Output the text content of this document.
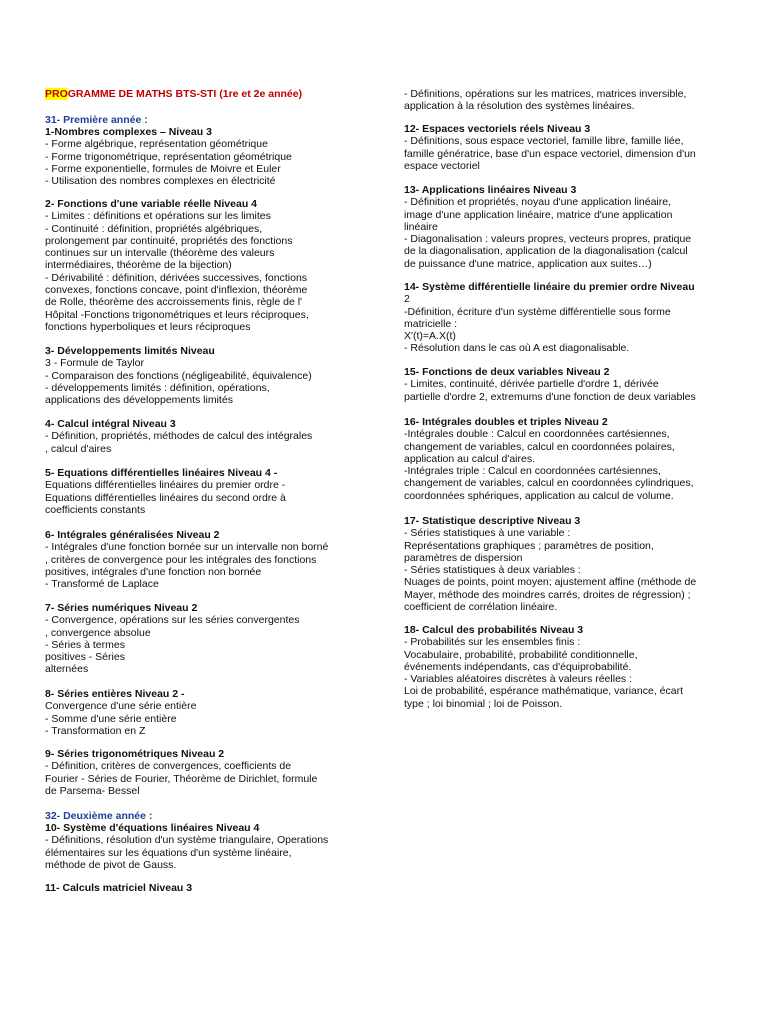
PROGRAMME DE MATHS BTS-STI (1re et 2e année)
31- Première année :
1-Nombres complexes – Niveau 3
- Forme algébrique, représentation géométrique
- Forme trigonométrique, représentation géométrique
- Forme exponentielle, formules de Moivre et Euler
- Utilisation des nombres complexes en électricité
2- Fonctions d'une variable réelle Niveau 4
- Limites : définitions et opérations sur les limites
- Continuité : définition, propriétés algébriques,
prolongement par continuité, propriétés des fonctions
continues sur un intervalle (théorème des valeurs
intermédiaires, théorème de la bijection)
- Dérivabilité : définition, dérivées successives, fonctions
convexes, fonctions concave, point d'inflexion, théorème
de Rolle, théorème des accroissements finis, règle de l'
Hôpital -Fonctions trigonométriques et leurs réciproques,
fonctions hyperboliques et leurs réciproques
3- Développements limités Niveau
3 - Formule de Taylor
- Comparaison des fonctions (négligeabilité, équivalence)
- développements limités : définition, opérations,
applications des développements limités
4- Calcul intégral Niveau 3
- Définition, propriétés, méthodes de calcul des intégrales
, calcul d'aires
5- Equations différentielles linéaires Niveau 4 -
Equations différentielles linéaires du premier ordre -
Equations différentielles linéaires du second ordre à
coefficients constants
6- Intégrales généralisées Niveau 2
- Intégrales d'une fonction bornée sur un intervalle non borné
, critères de convergence pour les intégrales des fonctions
positives, intégrales d'une fonction non bornée
- Transformé de Laplace
7- Séries numériques Niveau 2
- Convergence, opérations sur les séries convergentes
, convergence absolue
- Séries à termes
positives - Séries
alternées
8- Séries entières Niveau 2 -
Convergence d'une série entière
- Somme d'une série entière
- Transformation en Z
9- Séries trigonométriques Niveau 2
- Définition, critères de convergences, coefficients de
Fourier - Séries de Fourier, Théorème de Dirichlet, formule
de Parsema- Bessel
32- Deuxième année :
10- Système d'équations linéaires Niveau 4
- Définitions, résolution d'un système triangulaire, Operations
élémentaires sur les équations d'un système linéaire,
méthode de pivot de Gauss.
11- Calculs matriciel Niveau 3
- Définitions, opérations sur les matrices, matrices inversible,
application à la résolution des systèmes linéaires.
12- Espaces vectoriels réels Niveau 3
- Définitions, sous espace vectoriel, famille libre, famille liée,
famille génératrice, base d'un espace vectoriel, dimension d'un
espace vectoriel
13- Applications linéaires Niveau 3
- Définition et propriétés, noyau d'une application linéaire,
image d'une application linéaire, matrice d'une application
linéaire
- Diagonalisation : valeurs propres, vecteurs propres, pratique
de la diagonalisation, application de la diagonalisation (calcul
de puissance d'une matrice, application aux suites…)
14- Système différentielle linéaire du premier ordre Niveau
2
-Définition, écriture d'un système différentielle sous forme
matricielle :
X'(t)=A.X(t)
- Résolution dans le cas où A est diagonalisable.
15- Fonctions de deux variables Niveau 2
- Limites, continuité, dérivée partielle d'ordre 1, dérivée
partielle d'ordre 2, extremums d'une fonction de deux variables
16- Intégrales doubles et triples Niveau 2
-Intégrales double : Calcul en coordonnées cartésiennes,
changement de variables, calcul en coordonnées polaires,
application au calcul d'aires.
-Intégrales triple : Calcul en coordonnées cartésiennes,
changement de variables, calcul en coordonnées cylindriques,
coordonnées sphériques, application au calcul de volume.
17- Statistique descriptive Niveau 3
- Séries statistiques à une variable :
Représentations graphiques ; paramètres de position,
paramètres de dispersion
- Séries statistiques à deux variables :
Nuages de points, point moyen; ajustement affine (méthode de
Mayer, méthode des moindres carrés, droites de régression) ;
coefficient de corrélation linéaire.
18- Calcul des probabilités Niveau 3
- Probabilités sur les ensembles finis :
Vocabulaire, probabilité, probabilité conditionnelle,
événements indépendants, cas d'équiprobabilité.
- Variables aléatoires discrètes à valeurs réelles :
Loi de probabilité, espérance mathématique, variance, écart
type ; loi binomial ; loi de Poisson.
